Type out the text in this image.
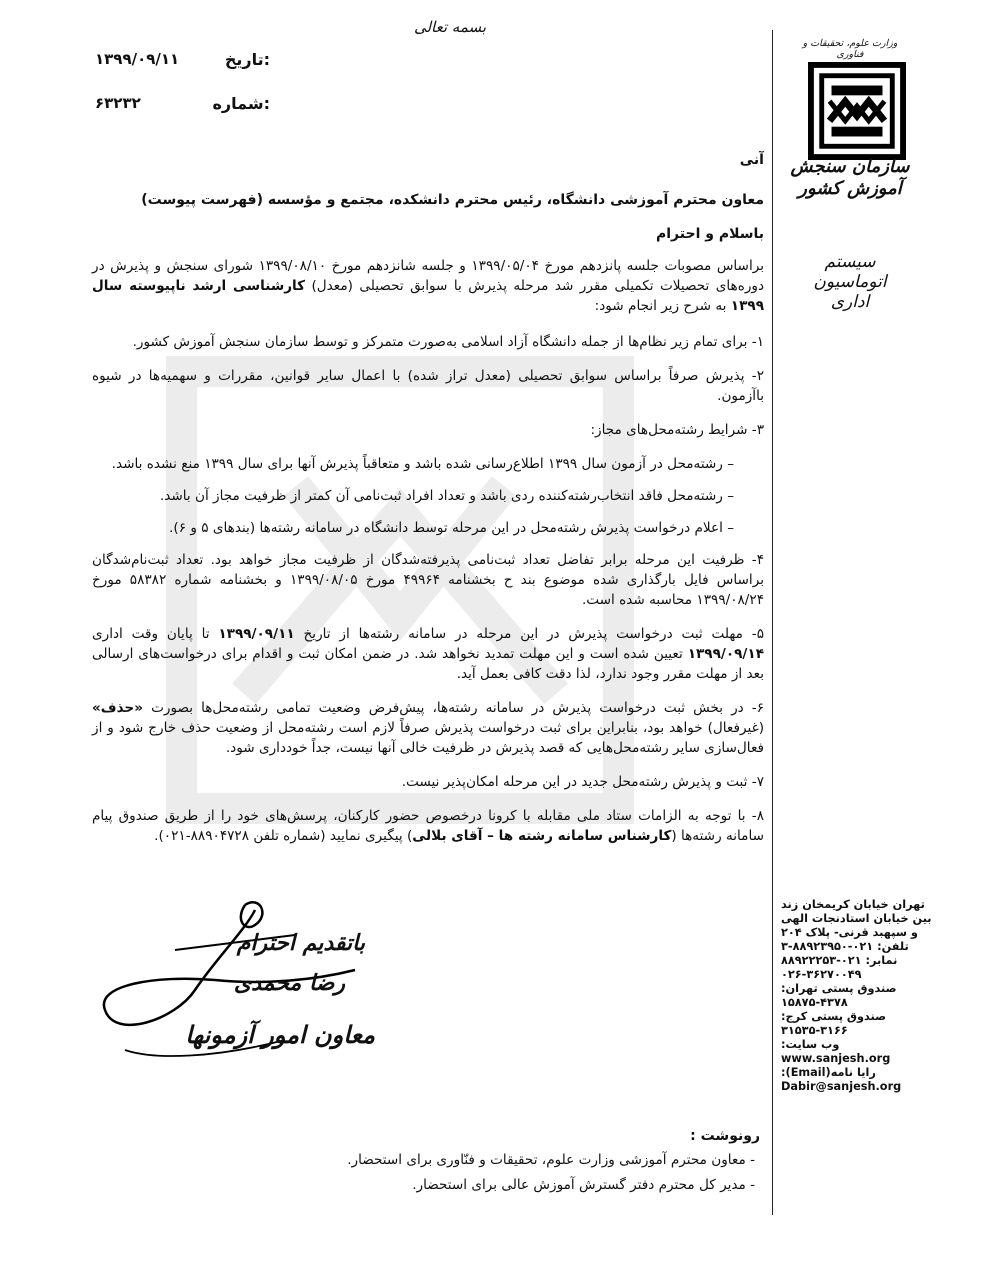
بسمه تعالی
تاریخ:
۱۳۹۹/۰۹/۱۱
شماره:
۶۳۲۳۲
وزارت علوم، تحقیقات و فناوری
سازمان سنجش آموزش کشور
سیستم اتوماسیون اداری
تهران خیابان کریمخان زند
بین خیابان استادنجات الهی
و سپهبد قرنی- پلاک ۲۰۴
تلفن: ۰۲۱-۸۸۹۲۳۹۵۰-۳
نمابر: ۰۲۱-۸۸۹۲۲۲۵۳
۰۲۶-۳۶۲۷۰۰۴۹
صندوق پستی تهران:
۱۵۸۷۵-۴۳۷۸
صندوق پستی کرج:
۳۱۵۳۵-۳۱۶۶
وب سایت:
www.sanjesh.org
رایا نامه(Email):
Dabir@sanjesh.org

آنی

معاون محترم آموزشی دانشگاه، رئیس محترم دانشکده، مجتمع و مؤسسه (فهرست پیوست)

باسلام و احترام

براساس مصوبات جلسه پانزدهم مورخ ۱۳۹۹/۰۵/۰۴ و جلسه شانزدهم مورخ ۱۳۹۹/۰۸/۱۰ شورای سنجش و پذیرش در دوره‌های تحصیلات تکمیلی مقرر شد مرحله پذیرش با سوابق تحصیلی (معدل) کارشناسی ارشد ناپیوسته سال ۱۳۹۹ به شرح زیر انجام شود:

۱- برای تمام زیر نظام‌ها از جمله دانشگاه آزاد اسلامی به‌صورت متمرکز و توسط سازمان سنجش آموزش کشور.

۲- پذیرش صرفاً براساس سوابق تحصیلی (معدل تراز شده) با اعمال سایر قوانین، مقررات و سهمیه‌ها در شیوه باآزمون.

۳- شرایط رشته‌محل‌های مجاز:

– رشته‌محل در آزمون سال ۱۳۹۹ اطلاع‌رسانی شده باشد و متعاقباً پذیرش آنها برای سال ۱۳۹۹ منع نشده باشد.

– رشته‌محل فاقد انتخاب‌رشته‌کننده ردی باشد و تعداد افراد ثبت‌نامی آن کمتر از ظرفیت مجاز آن باشد.

– اعلام درخواست پذیرش رشته‌محل در این مرحله توسط دانشگاه در سامانه رشته‌ها (بندهای ۵ و ۶).

۴- ظرفیت این مرحله برابر تفاضل تعداد ثبت‌نامی پذیرفته‌شدگان از ظرفیت مجاز خواهد بود. تعداد ثبت‌نام‌شدگان براساس فایل بارگذاری شده موضوع بند ح بخشنامه ۴۹۹۶۴ مورخ ۱۳۹۹/۰۸/۰۵ و بخشنامه شماره ۵۸۳۸۲ مورخ ۱۳۹۹/۰۸/۲۴ محاسبه شده است.

۵- مهلت ثبت درخواست پذیرش در این مرحله در سامانه رشته‌ها از تاریخ ۱۳۹۹/۰۹/۱۱ تا پایان وقت اداری ۱۳۹۹/۰۹/۱۴ تعیین شده است و این مهلت تمدید نخواهد شد. در ضمن امکان ثبت و اقدام برای درخواست‌های ارسالی بعد از مهلت مقرر وجود ندارد، لذا دقت کافی بعمل آید.

۶- در بخش ثبت درخواست پذیرش در سامانه رشته‌ها، پیش‌فرض وضعیت تمامی رشته‌محل‌ها بصورت «حذف» (غیرفعال) خواهد بود، بنابراین برای ثبت درخواست پذیرش صرفاً لازم است رشته‌محل از وضعیت حذف خارج شود و از فعال‌سازی سایر رشته‌محل‌هایی که قصد پذیرش در ظرفیت خالی آنها نیست، جداً خودداری شود.

۷- ثبت و پذیرش رشته‌محل جدید در این مرحله امکان‌پذیر نیست.

۸- با توجه به الزامات ستاد ملی مقابله با کرونا درخصوص حضور کارکنان، پرسش‌های خود را از طریق صندوق پیام سامانه رشته‌ها (کارشناس سامانه رشته ها – آقای بلالی) پیگیری نمایید (شماره تلفن ۸۸۹۰۴۷۲۸-۰۲۱).

باتقدیم احترام
رضا محمدی
معاون امور آزمونها
رونوشت :
- معاون محترم آموزشی وزارت علوم، تحقیقات و فنّاوری برای استحضار.
- مدیر کل محترم دفتر گسترش آموزش عالی برای استحضار.
